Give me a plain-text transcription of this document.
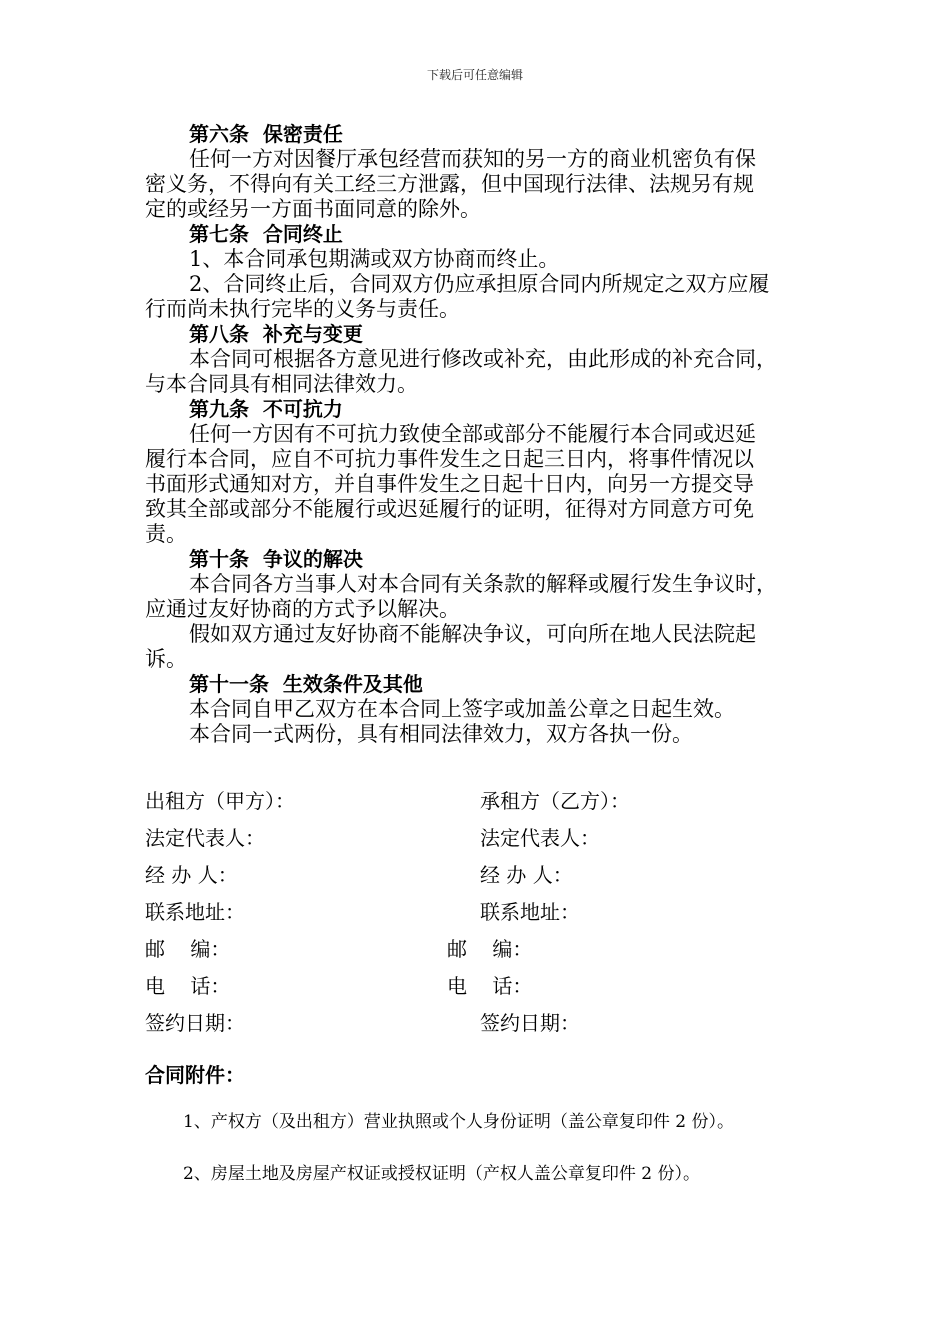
下载后可任意编辑
第六条  保密责任
任何一方对因餐厅承包经营而获知的另一方的商业机密负有保
密义务，不得向有关工经三方泄露，但中国现行法律、法规另有规
定的或经另一方面书面同意的除外。
第七条  合同终止
1、本合同承包期满或双方协商而终止。
2、合同终止后，合同双方仍应承担原合同内所规定之双方应履
行而尚未执行完毕的义务与责任。
第八条  补充与变更
本合同可根据各方意见进行修改或补充，由此形成的补充合同，
与本合同具有相同法律效力。
第九条  不可抗力
任何一方因有不可抗力致使全部或部分不能履行本合同或迟延
履行本合同，应自不可抗力事件发生之日起三日内，将事件情况以
书面形式通知对方，并自事件发生之日起十日内，向另一方提交导
致其全部或部分不能履行或迟延履行的证明，征得对方同意方可免
责。
第十条  争议的解决
本合同各方当事人对本合同有关条款的解释或履行发生争议时，
应通过友好协商的方式予以解决。
假如双方通过友好协商不能解决争议，可向所在地人民法院起
诉。
第十一条  生效条件及其他
本合同自甲乙双方在本合同上签字或加盖公章之日起生效。
本合同一式两份，具有相同法律效力，双方各执一份。
出租方（甲方）：	承租方（乙方）：
法定代表人：	法定代表人：
经 办 人：	经 办 人：
联系地址：	联系地址：
邮    编：	邮    编：
电    话：	电    话：
签约日期：	签约日期：
合同附件：
1、产权方（及出租方）营业执照或个人身份证明（盖公章复印件 2 份）。
2、房屋土地及房屋产权证或授权证明（产权人盖公章复印件 2 份）。
